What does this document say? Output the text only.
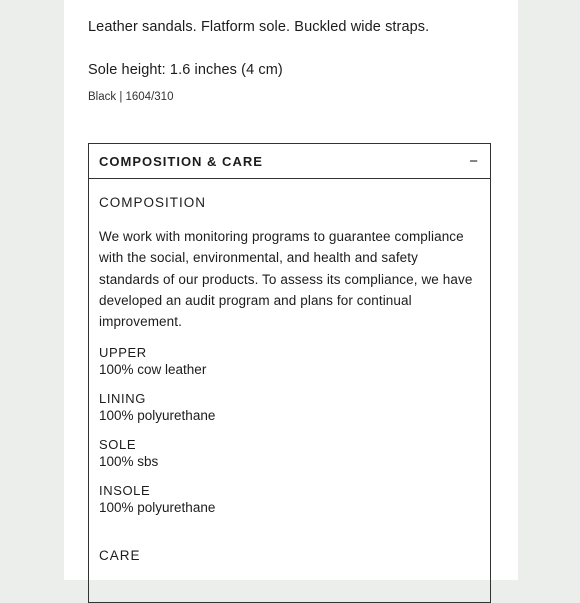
Leather sandals. Flatform sole. Buckled wide straps.
Sole height: 1.6 inches (4 cm)
Black | 1604/310
COMPOSITION & CARE	−
COMPOSITION
We work with monitoring programs to guarantee compliance with the social, environmental, and health and safety standards of our products. To assess its compliance, we have developed an audit program and plans for continual improvement.
UPPER
100% cow leather
LINING
100% polyurethane
SOLE
100% sbs
INSOLE
100% polyurethane
CARE
